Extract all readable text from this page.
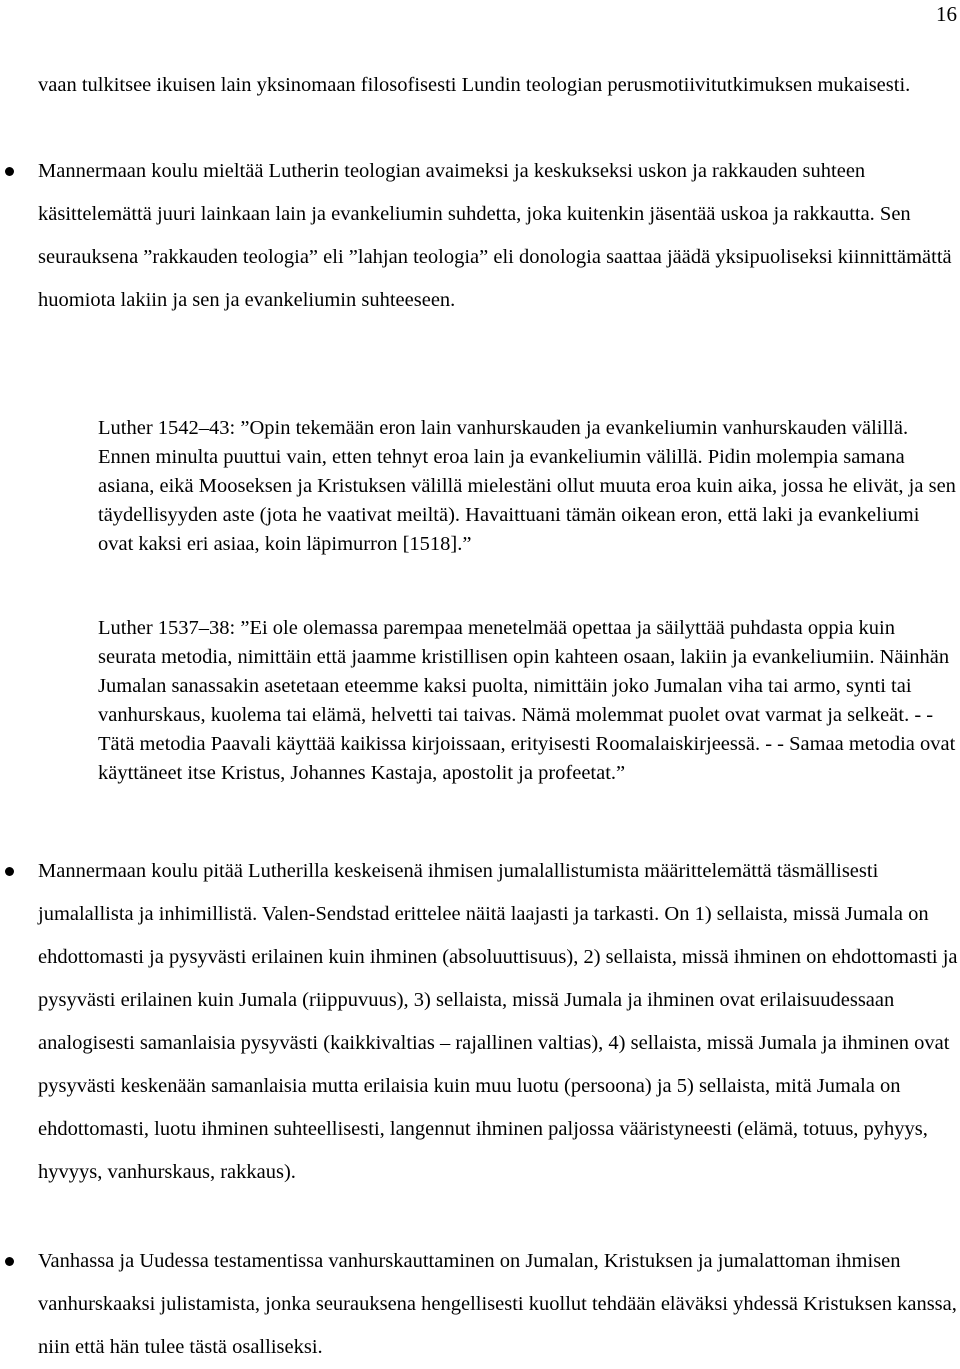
16

vaan tulkitsee ikuisen lain yksinomaan filosofisesti Lundin teologian perusmotiivitutkimuksen mukaisesti.

Mannermaan koulu mieltää Lutherin teologian avaimeksi ja keskukseksi uskon ja rakkauden suhteen käsittelemättä juuri lainkaan lain ja evankeliumin suhdetta, joka kuitenkin jäsentää uskoa ja rakkautta. Sen seurauksena ”rakkauden teologia” eli ”lahjan teologia” eli donologia saattaa jäädä yksipuoliseksi kiinnittämättä huomiota lakiin ja sen ja evankeliumin suhteeseen.

Luther 1542–43: ”Opin tekemään eron lain vanhurskauden ja evankeliumin vanhurskauden välillä. Ennen minulta puuttui vain, etten tehnyt eroa lain ja evankeliumin välillä. Pidin molempia samana asiana, eikä Mooseksen ja Kristuksen välillä mielestäni ollut muuta eroa kuin aika, jossa he elivät, ja sen täydellisyyden aste (jota he vaativat meiltä). Havaittuani tämän oikean eron, että laki ja evankeliumi ovat kaksi eri asiaa, koin läpimurron [1518].”

Luther 1537–38: ”Ei ole olemassa parempaa menetelmää opettaa ja säilyttää puhdasta oppia kuin seurata metodia, nimittäin että jaamme kristillisen opin kahteen osaan, lakiin ja evankeliumiin. Näinhän Jumalan sanassakin asetetaan eteemme kaksi puolta, nimittäin joko Jumalan viha tai armo, synti tai vanhurskaus, kuolema tai elämä, helvetti tai taivas. Nämä molemmat puolet ovat varmat ja selkeät. - - Tätä metodia Paavali käyttää kaikissa kirjoissaan, erityisesti Roomalaiskirjeessä. - - Samaa metodia ovat käyttäneet itse Kristus, Johannes Kastaja, apostolit ja profeetat.”

Mannermaan koulu pitää Lutherilla keskeisenä ihmisen jumalallistumista määrittelemättä täsmällisesti jumalallista ja inhimillistä. Valen-Sendstad erittelee näitä laajasti ja tarkasti. On 1) sellaista, missä Jumala on ehdottomasti ja pysyvästi erilainen kuin ihminen (absoluuttisuus), 2) sellaista, missä ihminen on ehdottomasti ja pysyvästi erilainen kuin Jumala (riippuvuus), 3) sellaista, missä Jumala ja ihminen ovat erilaisuudessaan analogisesti samanlaisia pysyvästi (kaikkivaltias – rajallinen valtias), 4) sellaista, missä Jumala ja ihminen ovat pysyvästi keskenään samanlaisia mutta erilaisia kuin muu luotu (persoona) ja 5) sellaista, mitä Jumala on ehdottomasti, luotu ihminen suhteellisesti, langennut ihminen paljossa vääristyneesti (elämä, totuus, pyhyys, hyvyys, vanhurskaus, rakkaus).

Vanhassa ja Uudessa testamentissa vanhurskauttaminen on Jumalan, Kristuksen ja jumalattoman ihmisen vanhurskaaksi julistamista, jonka seurauksena hengellisesti kuollut tehdään eläväksi yhdessä Kristuksen kanssa, niin että hän tulee tästä osalliseksi.
